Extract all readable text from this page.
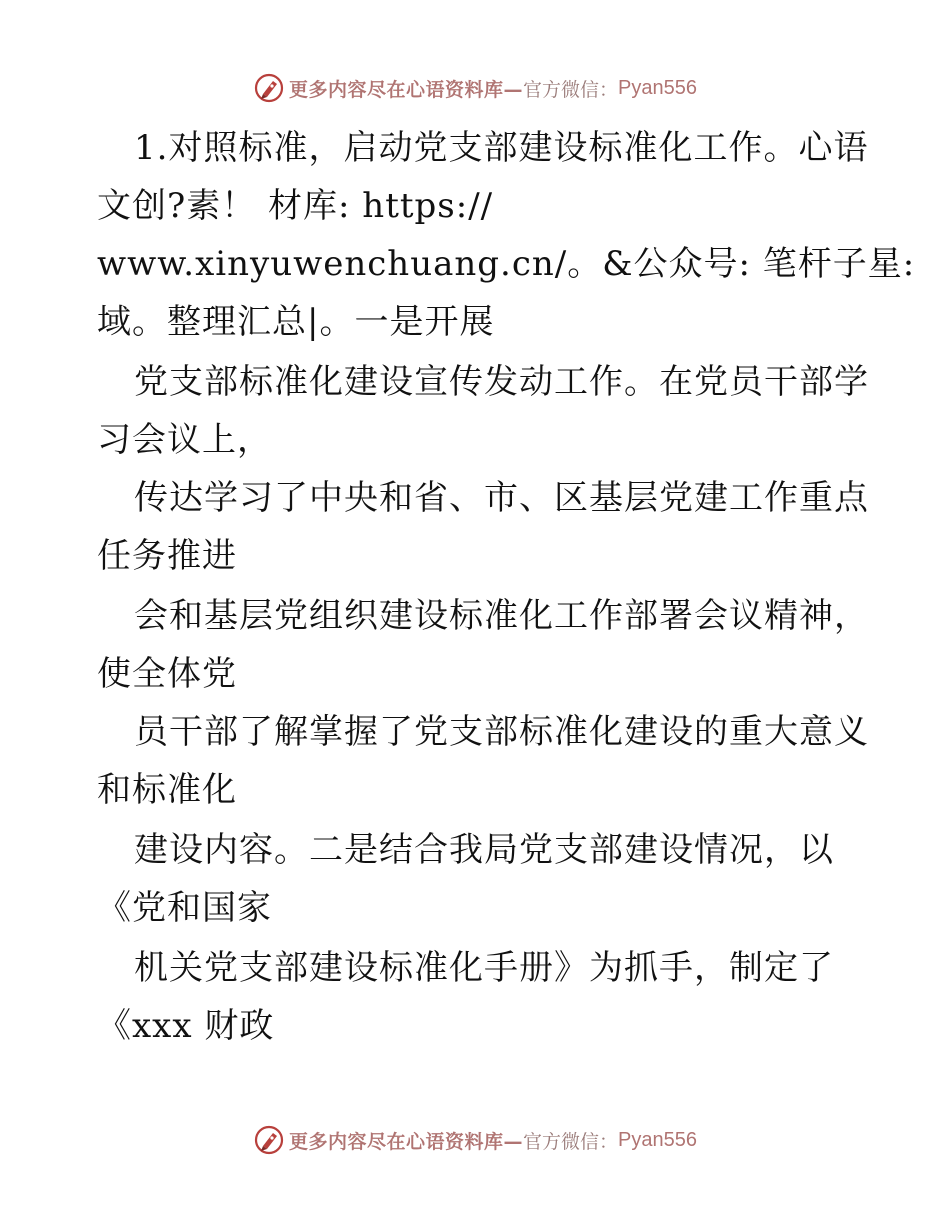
更多内容尽在心语资料库— 官方微信： Pyan556
1.对照标准，启动党支部建设标准化工作。心语
文创?素！ 材库: https://
www.xinyuwenchuang.cn/。&公众号: 笔杆子星:
域。整理汇总|。一是开展
党支部标准化建设宣传发动工作。在党员干部学
习会议上，
传达学习了中央和省、市、区基层党建工作重点
任务推进
会和基层党组织建设标准化工作部署会议精神，
使全体党
员干部了解掌握了党支部标准化建设的重大意义
和标准化
建设内容。二是结合我局党支部建设情况，以
《党和国家
机关党支部建设标准化手册》为抓手，制定了
《xxx 财政
更多内容尽在心语资料库— 官方微信： Pyan556
